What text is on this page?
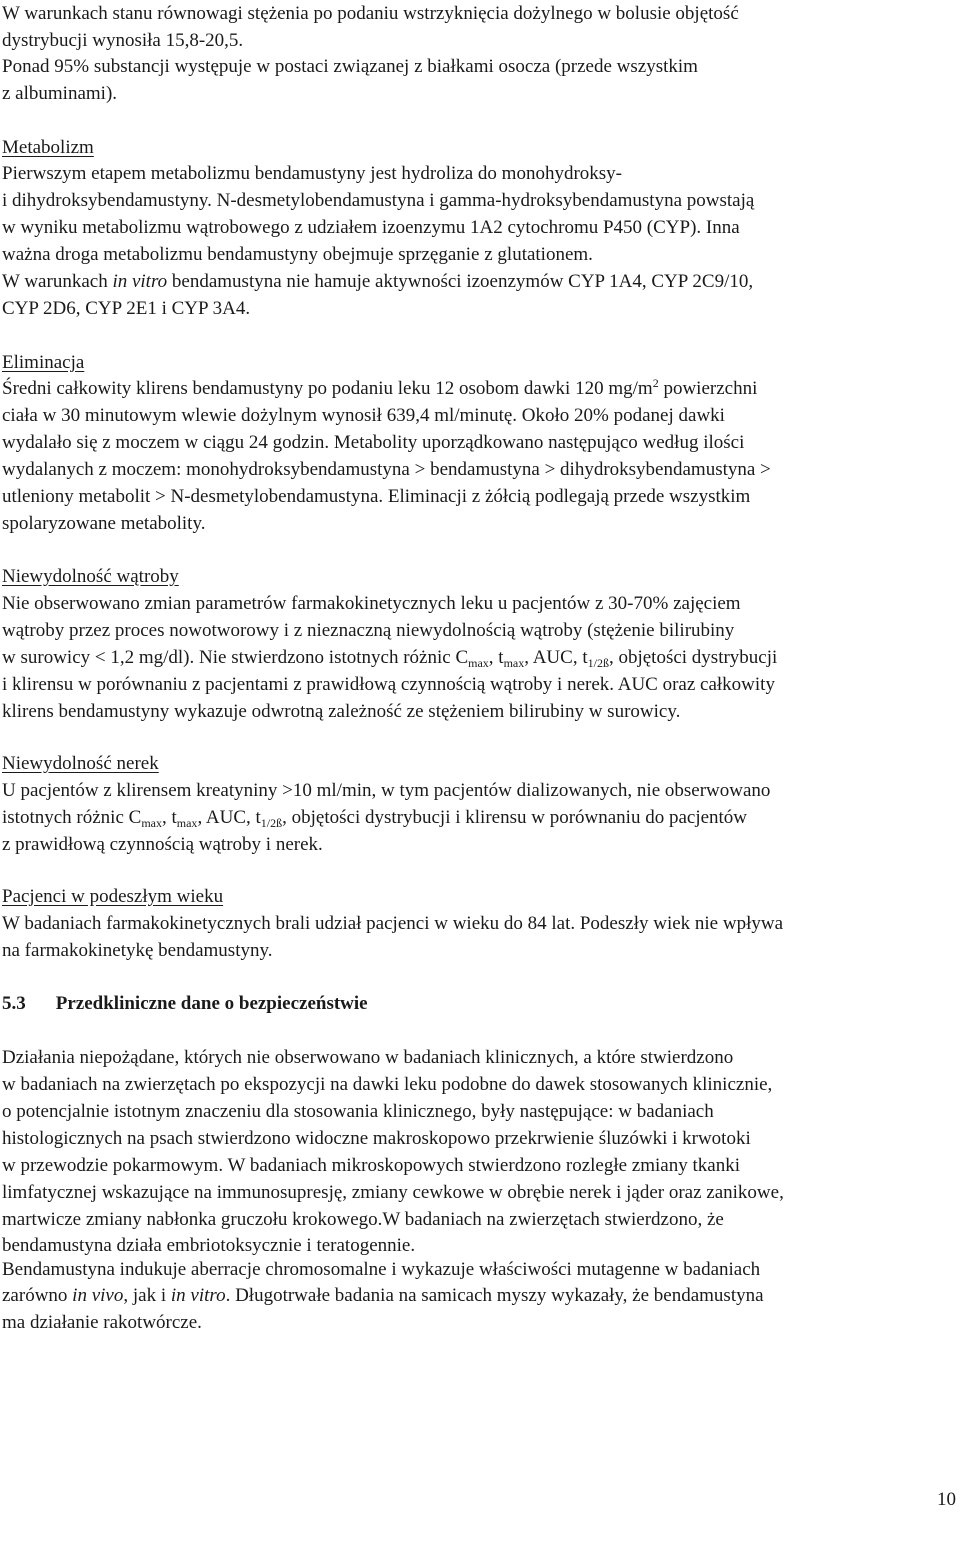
W warunkach stanu równowagi stężenia po podaniu wstrzyknięcia dożylnego w bolusie objętość
dystrybucji wynosiła 15,8-20,5.
Ponad 95% substancji występuje w postaci związanej z białkami osocza (przede wszystkim
z albuminami).
Metabolizm
Pierwszym etapem metabolizmu bendamustyny jest hydroliza do monohydroksy-
i dihydroksybendamustyny. N-desmetylobendamustyna i gamma-hydroksybendamustyna powstają
w wyniku metabolizmu wątrobowego z udziałem izoenzymu 1A2 cytochromu P450 (CYP). Inna
ważna droga metabolizmu bendamustyny obejmuje sprzęganie z glutationem.
W warunkach in vitro bendamustyna nie hamuje aktywności izoenzymów CYP 1A4, CYP 2C9/10,
CYP 2D6, CYP 2E1 i CYP 3A4.
Eliminacja
Średni całkowity klirens bendamustyny po podaniu leku 12 osobom dawki 120 $mg/m^2$ powierzchni
ciała w 30 minutowym wlewie dożylnym wynosił 639,4 ml/minutę. Około 20% podanej dawki
wydalało się z moczem w ciągu 24 godzin. Metabolity uporządkowano następująco według ilości
wydalanych z moczem: monohydroksybendamustyna > bendamustyna > dihydroksybendamustyna >
utleniony metabolit > N-desmetylobendamustyna. Eliminacji z żółcią podlegają przede wszystkim
spolaryzowane metabolity.
Niewydolność wątroby
Nie obserwowano zmian parametrów farmakokinetycznych leku u pacjentów z 30-70% zajęciem
wątroby przez proces nowotworowy i z nieznaczną niewydolnością wątroby (stężenie bilirubiny
w surowicy < 1,2 mg/dl). Nie stwierdzono istotnych różnic $C_{max}$, $t_{max}$, AUC, $t_{1/2ß}$, objętości dystrybucji
i klirensu w porównaniu z pacjentami z prawidłową czynnością wątroby i nerek. AUC oraz całkowity
klirens bendamustyny wykazuje odwrotną zależność ze stężeniem bilirubiny w surowicy.
Niewydolność nerek
U pacjentów z klirensem kreatyniny >10 ml/min, w tym pacjentów dializowanych, nie obserwowano
istotnych różnic $C_{max}$, $t_{max}$, AUC, $t_{1/2ß}$, objętości dystrybucji i klirensu w porównaniu do pacjentów
z prawidłową czynnością wątroby i nerek.
Pacjenci w podeszłym wieku
W badaniach farmakokinetycznych brali udział pacjenci w wieku do 84 lat. Podeszły wiek nie wpływa
na farmakokinetykę bendamustyny.
5.3 Przedkliniczne dane o bezpieczeństwie
Działania niepożądane, których nie obserwowano w badaniach klinicznych, a które stwierdzono
w badaniach na zwierzętach po ekspozycji na dawki leku podobne do dawek stosowanych klinicznie,
o potencjalnie istotnym znaczeniu dla stosowania klinicznego, były następujące: w badaniach
histologicznych na psach stwierdzono widoczne makroskopowo przekrwienie śluzówki i krwotoki
w przewodzie pokarmowym. W badaniach mikroskopowych stwierdzono rozległe zmiany tkanki
limfatycznej wskazujące na immunosupresję, zmiany cewkowe w obrębie nerek i jąder oraz zanikowe,
martwicze zmiany nabłonka gruczołu krokowego.W badaniach na zwierzętach stwierdzono, że
bendamustyna działa embriotoksycznie i teratogennie.
Bendamustyna indukuje aberracje chromosomalne i wykazuje właściwości mutagenne w badaniach
zarówno in vivo, jak i in vitro. Długotrwałe badania na samicach myszy wykazały, że bendamustyna
ma działanie rakotwórcze.
10
